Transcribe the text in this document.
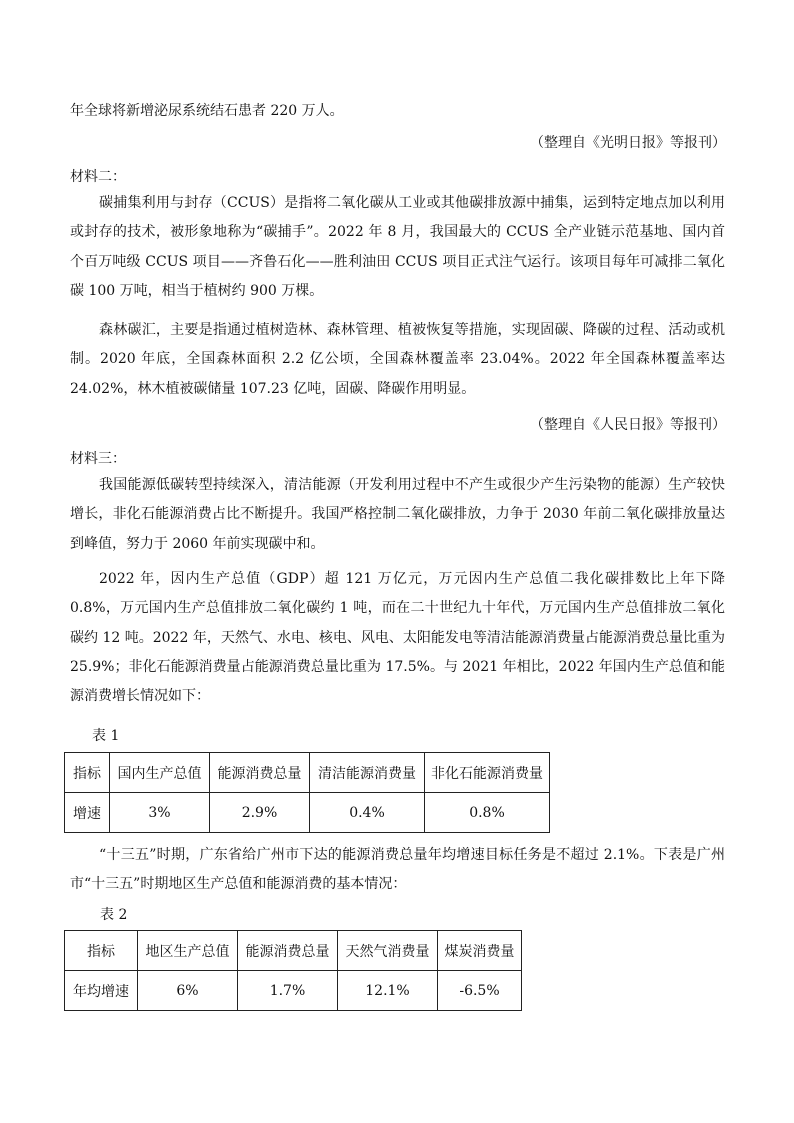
年全球将新增泌尿系统结石患者 220 万人。

（整理自《光明日报》等报刊）

材料二：

碳捕集利用与封存（CCUS）是指将二氧化碳从工业或其他碳排放源中捕集，运到特定地点加以利用或封存的技术，被形象地称为“碳捕手”。2022 年 8 月，我国最大的 CCUS 全产业链示范基地、国内首个百万吨级 CCUS 项目——齐鲁石化——胜利油田 CCUS 项目正式注气运行。该项目每年可减排二氧化碳 100 万吨，相当于植树约 900 万棵。

森林碳汇，主要是指通过植树造林、森林管理、植被恢复等措施，实现固碳、降碳的过程、活动或机制。2020 年底，全国森林面积 2.2 亿公顷，全国森林覆盖率 23.04%。2022 年全国森林覆盖率达 24.02%，林木植被碳储量 107.23 亿吨，固碳、降碳作用明显。

（整理自《人民日报》等报刊）

材料三：

我国能源低碳转型持续深入，清洁能源（开发利用过程中不产生或很少产生污染物的能源）生产较快增长，非化石能源消费占比不断提升。我国严格控制二氧化碳排放，力争于 2030 年前二氧化碳排放量达到峰值，努力于 2060 年前实现碳中和。

2022 年，因内生产总值（GDP）超 121 万亿元，万元因内生产总值二我化碳排数比上年下降 0.8%，万元国内生产总值排放二氧化碳约 1 吨，而在二十世纪九十年代，万元国内生产总值排放二氧化碳约 12 吨。2022 年，天然气、水电、核电、风电、太阳能发电等清洁能源消费量占能源消费总量比重为 25.9%；非化石能源消费量占能源消费总量比重为 17.5%。与 2021 年相比，2022 年国内生产总值和能源消费增长情况如下：

表 1
指标	国内生产总值	能源消费总量	清洁能源消费量	非化石能源消费量
增速	3%	2.9%	0.4%	0.8%

“十三五”时期，广东省给广州市下达的能源消费总量年均增速目标任务是不超过 2.1%。下表是广州市“十三五”时期地区生产总值和能源消费的基本情况：

表 2
指标	地区生产总值	能源消费总量	天然气消费量	煤炭消费量
年均增速	6%	1.7%	12.1%	-6.5%
